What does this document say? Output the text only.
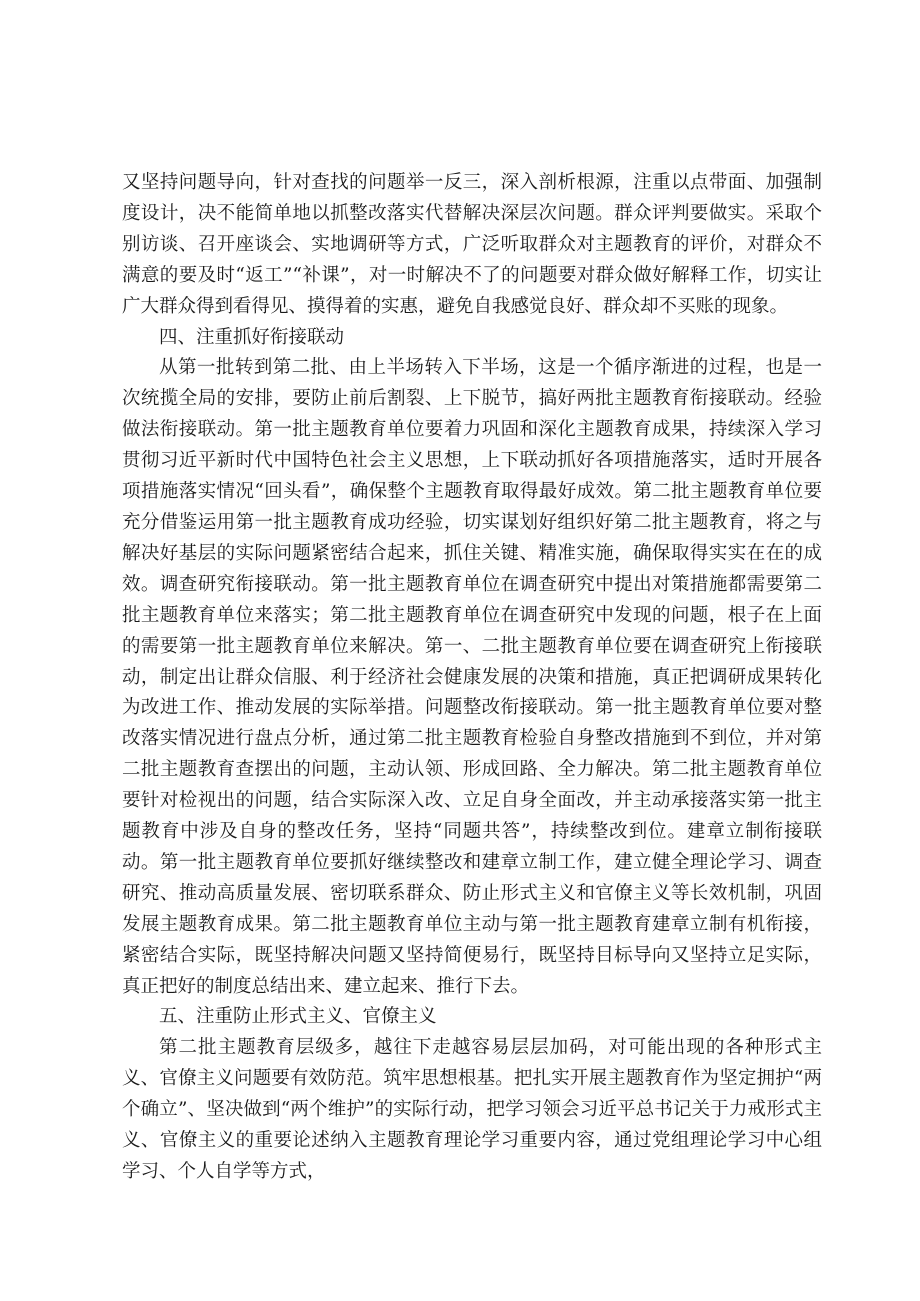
又坚持问题导向，针对查找的问题举一反三，深入剖析根源，注重以点带面、加强制度设计，决不能简单地以抓整改落实代替解决深层次问题。群众评判要做实。采取个别访谈、召开座谈会、实地调研等方式，广泛听取群众对主题教育的评价，对群众不满意的要及时“返工”“补课”，对一时解决不了的问题要对群众做好解释工作，切实让广大群众得到看得见、摸得着的实惠，避免自我感觉良好、群众却不买账的现象。

四、注重抓好衔接联动

从第一批转到第二批、由上半场转入下半场，这是一个循序渐进的过程，也是一次统揽全局的安排，要防止前后割裂、上下脱节，搞好两批主题教育衔接联动。经验做法衔接联动。第一批主题教育单位要着力巩固和深化主题教育成果，持续深入学习贯彻习近平新时代中国特色社会主义思想，上下联动抓好各项措施落实，适时开展各项措施落实情况“回头看”，确保整个主题教育取得最好成效。第二批主题教育单位要充分借鉴运用第一批主题教育成功经验，切实谋划好组织好第二批主题教育，将之与解决好基层的实际问题紧密结合起来，抓住关键、精准实施，确保取得实实在在的成效。调查研究衔接联动。第一批主题教育单位在调查研究中提出对策措施都需要第二批主题教育单位来落实；第二批主题教育单位在调查研究中发现的问题，根子在上面的需要第一批主题教育单位来解决。第一、二批主题教育单位要在调查研究上衔接联动，制定出让群众信服、利于经济社会健康发展的决策和措施，真正把调研成果转化为改进工作、推动发展的实际举措。问题整改衔接联动。第一批主题教育单位要对整改落实情况进行盘点分析，通过第二批主题教育检验自身整改措施到不到位，并对第二批主题教育查摆出的问题，主动认领、形成回路、全力解决。第二批主题教育单位要针对检视出的问题，结合实际深入改、立足自身全面改，并主动承接落实第一批主题教育中涉及自身的整改任务，坚持“同题共答”，持续整改到位。建章立制衔接联动。第一批主题教育单位要抓好继续整改和建章立制工作，建立健全理论学习、调查研究、推动高质量发展、密切联系群众、防止形式主义和官僚主义等长效机制，巩固发展主题教育成果。第二批主题教育单位主动与第一批主题教育建章立制有机衔接，紧密结合实际，既坚持解决问题又坚持简便易行，既坚持目标导向又坚持立足实际，真正把好的制度总结出来、建立起来、推行下去。

五、注重防止形式主义、官僚主义

第二批主题教育层级多，越往下走越容易层层加码，对可能出现的各种形式主义、官僚主义问题要有效防范。筑牢思想根基。把扎实开展主题教育作为坚定拥护“两个确立”、坚决做到“两个维护”的实际行动，把学习领会习近平总书记关于力戒形式主义、官僚主义的重要论述纳入主题教育理论学习重要内容，通过党组理论学习中心组学习、个人自学等方式，
